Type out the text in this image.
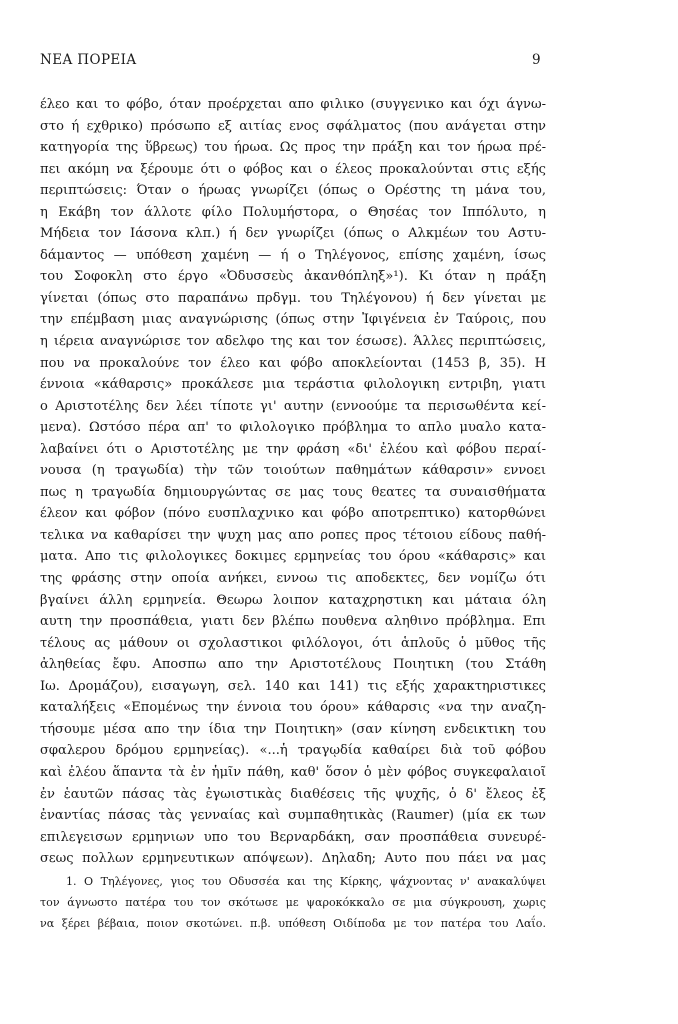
ΝΕΑ ΠΟΡΕΙΑ	9
έλεο και το φόβο, όταν προέρχεται απο φιλικο (συγγενικο και όχι άγνω-
στο ή εχθρικο) πρόσωπο εξ αιτίας ενος σφάλματος (που ανάγεται στην
κατηγορία της ὕβρεως) του ήρωα. Ως προς την πράξη και τον ήρωα πρέ-
πει ακόμη να ξέρουμε ότι ο φόβος και ο έλεος προκαλούνται στις εξής
περιπτώσεις: Όταν ο ήρωας γνωρίζει (όπως ο Ορέστης τη μάνα του,
η Εκάβη τον άλλοτε φίλο Πολυμήστορα, ο Θησέας τον Ιππόλυτο, η
Μήδεια τον Ιάσονα κλπ.) ή δεν γνωρίζει (όπως ο Αλκμέων του Αστυ-
δάμαντος — υπόθεση χαμένη — ή ο Τηλέγονος, επίσης χαμένη, ίσως
του Σοφοκλη στο έργο «Ὀδυσσεὺς ἀκανθόπληξ»¹). Κι όταν η πράξη
γίνεται (όπως στο παραπάνω πρδγμ. του Τηλέγονου) ή δεν γίνεται με
την επέμβαση μιας αναγνώρισης (όπως στην Ἰφιγένεια ἐν Ταύροις, που
η ιέρεια αναγνώρισε τον αδελφο της και τον έσωσε). Άλλες περιπτώσεις,
που να προκαλούνε τον έλεο και φόβο αποκλείονται (1453 β, 35). Η
έννοια «κάθαρσις» προκάλεσε μια τεράστια φιλολογικη εντριβη, γιατι
ο Αριστοτέλης δεν λέει τίποτε γι' αυτην (εννοούμε τα περισωθέντα κεί-
μενα). Ωστόσο πέρα απ' το φιλολογικο πρόβλημα το απλο μυαλο κατα-
λαβαίνει ότι ο Αριστοτέλης με την φράση «δι' ἐλέου καὶ φόβου περαί-
νουσα (η τραγωδία) τὴν τῶν τοιούτων παθημάτων κάθαρσιν» εννοει
πως η τραγωδία δημιουργώντας σε μας τους θεατες τα συναισθήματα
έλεον και φόβον (πόνο ευσπλαχνικο και φόβο αποτρεπτικο) κατορθώνει
τελικα να καθαρίσει την ψυχη μας απο ροπες προς τέτοιου είδους παθή-
ματα. Απο τις φιλολογικες δοκιμες ερμηνείας του όρου «κάθαρσις» και
της φράσης στην οποία ανήκει, εννοω τις αποδεκτες, δεν νομίζω ότι
βγαίνει άλλη ερμηνεία. Θεωρω λοιπον καταχρηστικη και μάταια όλη
αυτη την προσπάθεια, γιατι δεν βλέπω πουθενα αληθινο πρόβλημα. Επι
τέλους ας μάθουν οι σχολαστικοι φιλόλογοι, ότι ἁπλοῦς ὁ μῦθος τῆς
ἀληθείας ἔφυ. Αποσπω απο την Αριστοτέλους Ποιητικη (του Στάθη
Ιω. Δρομάζου), εισαγωγη, σελ. 140 και 141) τις εξής χαρακτηριστικες
καταλήξεις «Επομένως την έννοια του όρου» κάθαρσις «να την αναζη-
τήσουμε μέσα απο την ίδια την Ποιητικη» (σαν κίνηση ενδεικτικη του
σφαλερου δρόμου ερμηνείας). «...ἡ τραγῳδία καθαίρει διὰ τοῦ φόβου
καὶ ἐλέου ἅπαντα τὰ ἐν ἡμῖν πάθη, καθ' ὅσον ὁ μὲν φόβος συγκεφαλαιοῖ
ἐν ἑαυτῶν πάσας τὰς ἐγωιστικὰς διαθέσεις τῆς ψυχῆς, ὁ δ' ἔλεος ἐξ
ἐναντίας πάσας τὰς γενναίας καὶ συμπαθητικὰς (Raumer) (μία εκ των
επιλεγεισων ερμηνιων υπο του Βερναρδάκη, σαν προσπάθεια συνευρέ-
σεως πολλων ερμηνευτικων απόψεων). Δηλαδη; Αυτο που πάει να μας
1. Ο Τηλέγονες, γιος του Οδυσσέα και της Κίρκης, ψάχνοντας ν' ανακαλύψει
τον άγνωστο πατέρα του τον σκότωσε με ψαροκόκκαλο σε μια σύγκρουση, χωρις
να ξέρει βέβαια, ποιον σκοτώνει. π.β. υπόθεση Οιδίποδα με τον πατέρα του Λαΐο.
